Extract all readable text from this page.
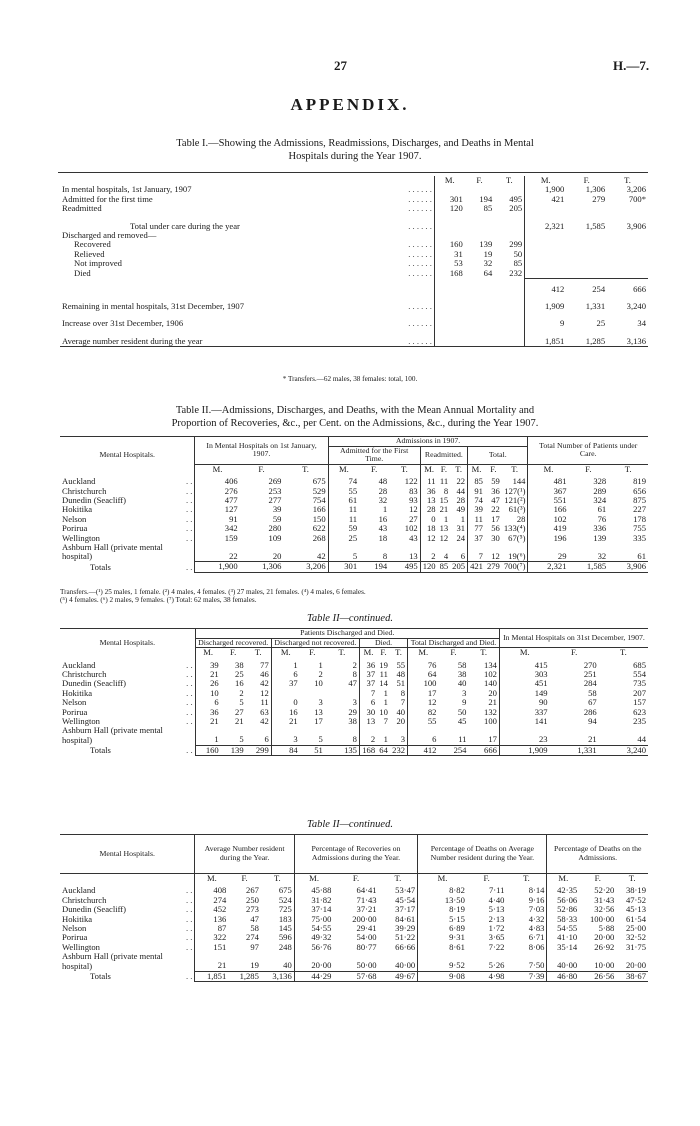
27	H.—7.
APPENDIX.
Table I.—Showing the Admissions, Readmissions, Discharges, and Deaths in Mental
Hospitals during the Year 1907.
		M.	F.	T.	M.	F.	T.
In mental hospitals, 1st January, 1907	. . . . . .				1,900	1,306	3,206
Admitted for the first time	. . . . . .	301	194	495	421	279	700*
Readmitted	. . . . . .	120	85	205			
Total under care during the year	. . . . . .				2,321	1,585	3,906
Discharged and removed—							
Recovered	. . . . . .	160	139	299			
Relieved	. . . . . .	31	19	50			
Not improved	. . . . . .	53	32	85			
Died	. . . . . .	168	64	232			
					412	254	666
Remaining in mental hospitals, 31st December, 1907	. . . . . .				1,909	1,331	3,240
Increase over 31st December, 1906	. . . . . .				9	25	34
Average number resident during the year	. . . . . .				1,851	1,285	3,136

* Transfers.—62 males, 38 females: total, 100.
Table II.—Admissions, Discharges, and Deaths, with the Mean Annual Mortality and
Proportion of Recoveries, &c., per Cent. on the Admissions, &c., during the Year 1907.
Mental Hospitals.		In Mental Hospitals on 1st January, 1907.			Admissions in 1907.									Total Number of Patients under Care.		
					Admitted for the First Time.			Readmitted.			Total.					
		M.	F.	T.	M.	F.	T.	M.	F.	T.	M.	F.	T.	M.	F.	T.
Auckland	. .	406	269	675	74	48	122	11	11	22	85	59	144	481	328	819
Christchurch	. .	276	253	529	55	28	83	36	8	44	91	36	127(¹)	367	289	656
Dunedin (Seacliff)	. .	477	277	754	61	32	93	13	15	28	74	47	121(²)	551	324	875
Hokitika	. .	127	39	166	11	1	12	28	21	49	39	22	61(³)	166	61	227
Nelson	. .	91	59	150	11	16	27	0	1	1	11	17	28	102	76	178
Porirua	. .	342	280	622	59	43	102	18	13	31	77	56	133(⁴)	419	336	755
Wellington	. .	159	109	268	25	18	43	12	12	24	37	30	67(⁵)	196	139	335
Ashburn Hall (private mental hospital)		22	20	42	5	8	13	2	4	6	7	12	19(⁶)	29	32	61
Totals	. .	1,900	1,306	3,206	301	194	495	120	85	205	421	279	700(⁷)	2,321	1,585	3,906
Transfers.—(¹) 25 males, 1 female. (²) 4 males, 4 females. (³) 27 males, 21 females. (⁴) 4 males, 6 females.
(⁵) 4 females. (⁶) 2 males, 9 females. (⁷) Total: 62 males, 38 females.
Table II—continued.
Mental Hospitals.		Patients Discharged and Died.												In Mental Hospitals on 31st December, 1907.		
		Discharged recovered.			Discharged not recovered.			Died.			Total Discharged and Died.					
		M.	F.	T.	M.	F.	T.	M.	F.	T.	M.	F.	T.	M.	F.	T.
Auckland	. .	39	38	77	1	1	2	36	19	55	76	58	134	415	270	685
Christchurch	. .	21	25	46	6	2	8	37	11	48	64	38	102	303	251	554
Dunedin (Seacliff)	. .	26	16	42	37	10	47	37	14	51	100	40	140	451	284	735
Hokitika	. .	10	2	12				7	1	8	17	3	20	149	58	207
Nelson	. .	6	5	11	0	3	3	6	1	7	12	9	21	90	67	157
Porirua	. .	36	27	63	16	13	29	30	10	40	82	50	132	337	286	623
Wellington	. .	21	21	42	21	17	38	13	7	20	55	45	100	141	94	235
Ashburn Hall (private mental hospital)		1	5	6	3	5	8	2	1	3	6	11	17	23	21	44
Totals	. .	160	139	299	84	51	135	168	64	232	412	254	666	1,909	1,331	3,240
Table II—continued.
Mental Hospitals.		Average Number resident during the Year.			Percentage of Recoveries on Admissions during the Year.			Percentage of Deaths on Average Number resident during the Year.			Percentage of Deaths on the Admissions.		
		M.	F.	T.	M.	F.	T.	M.	F.	T.	M.	F.	T.
Auckland	. .	408	267	675	45·88	64·41	53·47	8·82	7·11	8·14	42·35	52·20	38·19
Christchurch	. .	274	250	524	31·82	71·43	45·54	13·50	4·40	9·16	56·06	31·43	47·52
Dunedin (Seacliff)	. .	452	273	725	37·14	37·21	37·17	8·19	5·13	7·03	52·86	32·56	45·13
Hokitika	. .	136	47	183	75·00	200·00	84·61	5·15	2·13	4·32	58·33	100·00	61·54
Nelson	. .	87	58	145	54·55	29·41	39·29	6·89	1·72	4·83	54·55	5·88	25·00
Porirua	. .	322	274	596	49·32	54·00	51·22	9·31	3·65	6·71	41·10	20·00	32·52
Wellington	. .	151	97	248	56·76	80·77	66·66	8·61	7·22	8·06	35·14	26·92	31·75
Ashburn Hall (private mental hospital)		21	19	40	20·00	50·00	40·00	9·52	5·26	7·50	40·00	10·00	20·00
Totals	. .	1,851	1,285	3,136	44·29	57·68	49·67	9·08	4·98	7·39	46·80	26·56	38·67
